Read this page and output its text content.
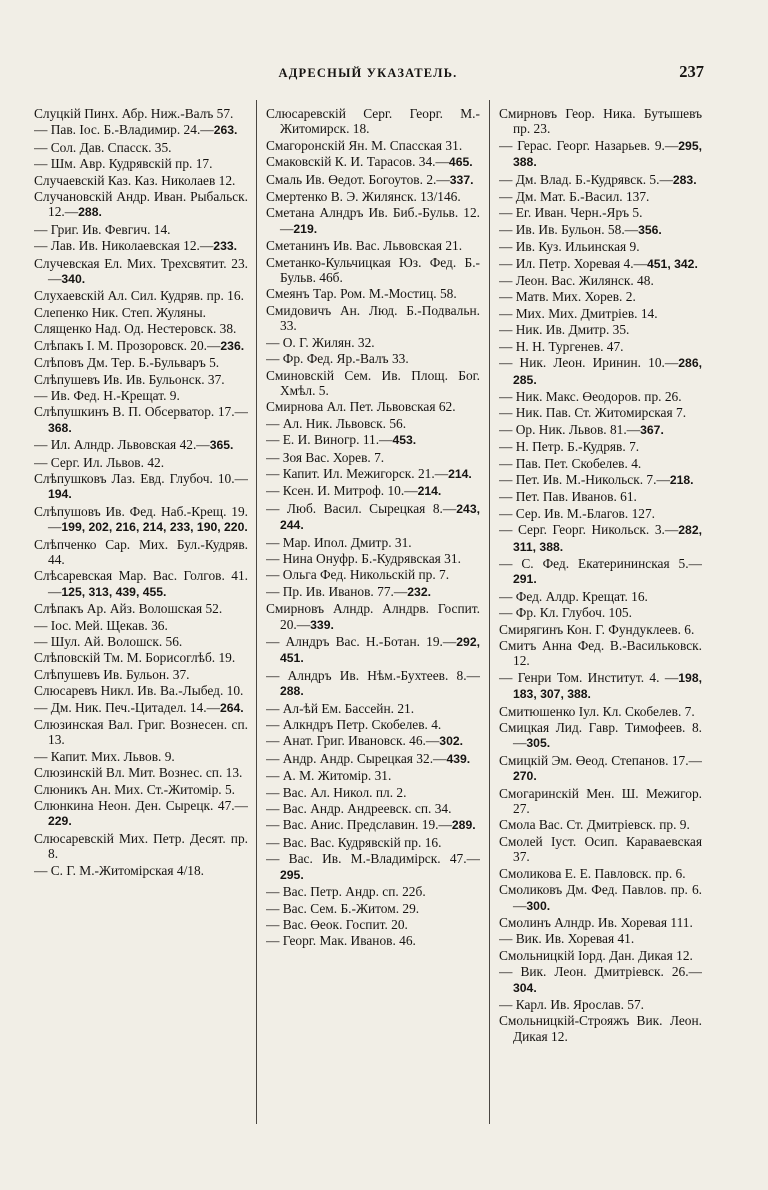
АДРЕСНЫЙ УКАЗАТЕЛЬ.	237
Слуцкій Пинх. Абр. Ниж.-Валъ 57.
— Пав. Іос. Б.-Владимир. 24.—263.
— Сол. Дав. Спасск. 35.
— Шм. Авр. Кудрявскій пр. 17.
Случаевскій Каз. Каз. Николаев 12.
Случановскій Андр. Иван. Рыбальск. 12.—288.
— Григ. Ив. Февгич. 14.
— Лав. Ив. Николаевская 12.—233.
Случевская Ел. Мих. Трехсвятит. 23.—340.
Слухаевскій Ал. Сил. Кудряв. пр. 16.
Слепенко Ник. Степ. Жуляны.
Слященко Над. Од. Нестеровск. 38.
Слѣпакъ І. М. Прозоровск. 20.—236.
Слѣповъ Дм. Тер. Б.-Бульваръ 5.
Слѣпушевъ Ив. Ив. Бульонск. 37.
— Ив. Фед. Н.-Крещат. 9.
Слѣпушкинъ В. П. Обсерватор. 17.—368.
— Ил. Алндр. Львовская 42.—365.
— Серг. Ил. Львов. 42.
Слѣпушковъ Лаз. Евд. Глубоч. 10.—194.
Слѣпушовъ Ив. Фед. Наб.-Крещ. 19.—199, 202, 216, 214, 233, 190, 220.
Слѣпченко Сар. Мих. Бул.-Кудряв. 44.
Слѣсаревская Мар. Вас. Голгов. 41.—125, 313, 439, 455.
Слѣпакъ Ар. Айз. Волошская 52.
— Іос. Мей. Щекав. 36.
— Шул. Ай. Волошск. 56.
Слѣповскій Тм. М. Борисоглѣб. 19.
Слѣпушевъ Ив. Бульон. 37.
Слюсаревъ Никл. Ив. Ва.-Лыбед. 10.
— Дм. Ник. Печ.-Цитадел. 14.—264.
Слюзинская Вал. Григ. Вознесен. сп. 13.
— Капит. Мих. Львов. 9.
Слюзинскій Вл. Мит. Вознес. сп. 13.
Слюникъ Ан. Мих. Ст.-Житомір. 5.
Слюнкина Неон. Ден. Сырецк. 47.—229.
Слюсаревскій Мих. Петр. Десят. пр. 8.
— С. Г. М.-Житомірская 4/18.
Слюсаревскій Серг. Георг. М.-Житомирск. 18.
Смагоронскій Ян. М. Спасская 31.
Смаковскій К. И. Тарасов. 34.—465.
Смаль Ив. Өедот. Богоутов. 2.—337.
Смертенко В. Э. Жилянск. 13/146.
Сметана Алндръ Ив. Биб.-Бульв. 12.—219.
Сметанинъ Ив. Вас. Львовская 21.
Сметанко-Кульчицкая Юз. Фед. Б.-Бульв. 46б.
Смеянъ Тар. Ром. М.-Мостиц. 58.
Смидовичъ Ан. Люд. Б.-Подвальн. 33.
— О. Г. Жилян. 32.
— Фр. Фед. Яр.-Валъ 33.
Сминовскій Сем. Ив. Площ. Бог. Хмѣл. 5.
Смирнова Ал. Пет. Львовская 62.
— Ал. Ник. Львовск. 56.
— Е. И. Виногр. 11.—453.
— Зоя Вас. Хорев. 7.
— Капит. Ил. Межигорск. 21.—214.
— Ксен. И. Митроф. 10.—214.
— Люб. Васил. Сырецкая 8.—243, 244.
— Мар. Ипол. Дмитр. 31.
— Нина Онуфр. Б.-Кудрявская 31.
— Ольга Фед. Никольскій пр. 7.
— Пр. Ив. Иванов. 77.—232.
Смирновъ Алндр. Алндрв. Госпит. 20.—339.
— Алндръ Вас. Н.-Ботан. 19.—292, 451.
— Алндръ Ив. Нѣм.-Бухтеев. 8.—288.
— Ал-ѣй Ем. Бассейн. 21.
— Алкндръ Петр. Скобелев. 4.
— Анат. Григ. Ивановск. 46.—302.
— Андр. Андр. Сырецкая 32.—439.
— А. М. Житомір. 31.
— Вас. Ал. Никол. пл. 2.
— Вас. Андр. Андреевск. сп. 34.
— Вас. Анис. Предславин. 19.—289.
— Вас. Вас. Кудрявскій пр. 16.
— Вас. Ив. М.-Владимірск. 47.—295.
— Вас. Петр. Андр. сп. 22б.
— Вас. Сем. Б.-Житом. 29.
— Вас. Өеок. Госпит. 20.
— Георг. Мак. Иванов. 46.
Смирновъ Геор. Ника. Бутышевъ пр. 23.
— Герас. Георг. Назарьев. 9.—295, 388.
— Дм. Влад. Б.-Кудрявск. 5.—283.
— Дм. Мат. Б.-Васил. 137.
— Ег. Иван. Черн.-Яръ 5.
— Ив. Ив. Бульон. 58.—356.
— Ив. Куз. Ильинская 9.
— Ил. Петр. Хоревая 4.—451, 342.
— Леон. Вас. Жилянск. 48.
— Матв. Мих. Хорев. 2.
— Мих. Мих. Дмитріев. 14.
— Ник. Ив. Дмитр. 35.
— Н. Н. Тургенев. 47.
— Ник. Леон. Иринин. 10.—286, 285.
— Ник. Макс. Өеодоров. пр. 26.
— Ник. Пав. Ст. Житомирская 7.
— Ор. Ник. Львов. 81.—367.
— Н. Петр. Б.-Кудряв. 7.
— Пав. Пет. Скобелев. 4.
— Пет. Ив. М.-Никольск. 7.—218.
— Пет. Пав. Иванов. 61.
— Сер. Ив. М.-Благов. 127.
— Серг. Георг. Никольск. 3.—282, 311, 388.
— С. Фед. Екатерининская 5.—291.
— Фед. Алдр. Крещат. 16.
— Фр. Кл. Глубоч. 105.
Смирягинъ Кон. Г. Фундуклеев. 6.
Смитъ Анна Фед. В.-Васильковск. 12.
— Генри Том. Институт. 4. —198, 183, 307, 388.
Смитюшенко Іул. Кл. Скобелев. 7.
Смицкая Лид. Гавр. Тимофеев. 8.—305.
Смицкій Эм. Өеод. Степанов. 17.—270.
Смогаринскій Мен. Ш. Межигор. 27.
Смола Вас. Ст. Дмитріевск. пр. 9.
Смолей Іуст. Осип. Караваевская 37.
Смоликова Е. Е. Павловск. пр. 6.
Смоликовъ Дм. Фед. Павлов. пр. 6.—300.
Смолинъ Алндр. Ив. Хоревая 111.
— Вик. Ив. Хоревая 41.
Смольницкій Іорд. Дан. Дикая 12.
— Вик. Леон. Дмитріевск. 26.—304.
— Карл. Ив. Ярослав. 57.
Смольницкій-Строяжъ Вик. Леон. Дикая 12.
